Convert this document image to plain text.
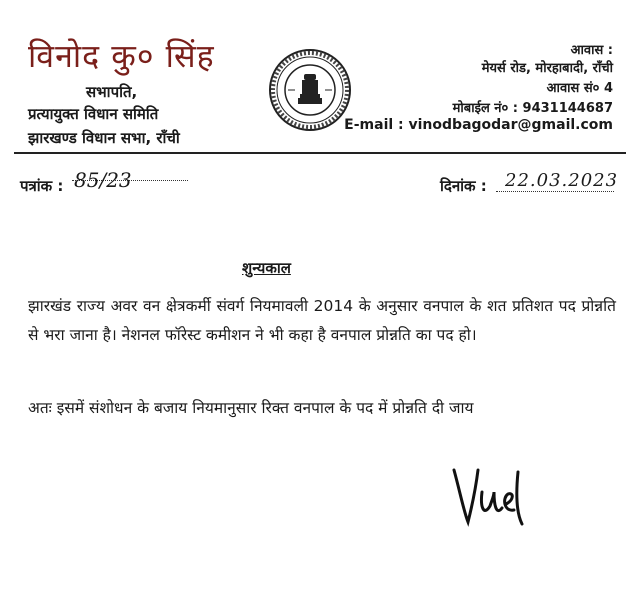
विनोद कु० सिंह
सभापति,
प्रत्यायुक्त विधान समिति
झारखण्ड विधान सभा, राँची
आवास :
मेयर्स रोड, मोरहाबादी, राँची
आवास सं० 4
मोबाईल नं० : 9431144687
E-mail : vinodbagodar@gmail.com
पत्रांक : 85/23	दिनांक : 22.03.2023
शुन्यकाल
झारखंड राज्य अवर वन क्षेत्रकर्मी संवर्ग नियमावली 2014 के अनुसार वनपाल के शत प्रतिशत पद प्रोन्नति से भरा जाना है। नेशनल फॉरेस्ट कमीशन ने भी कहा है वनपाल प्रोन्नति का पद हो।
अतः इसमें संशोधन के बजाय नियमानुसार रिक्त वनपाल के पद में प्रोन्नति दी जाय
